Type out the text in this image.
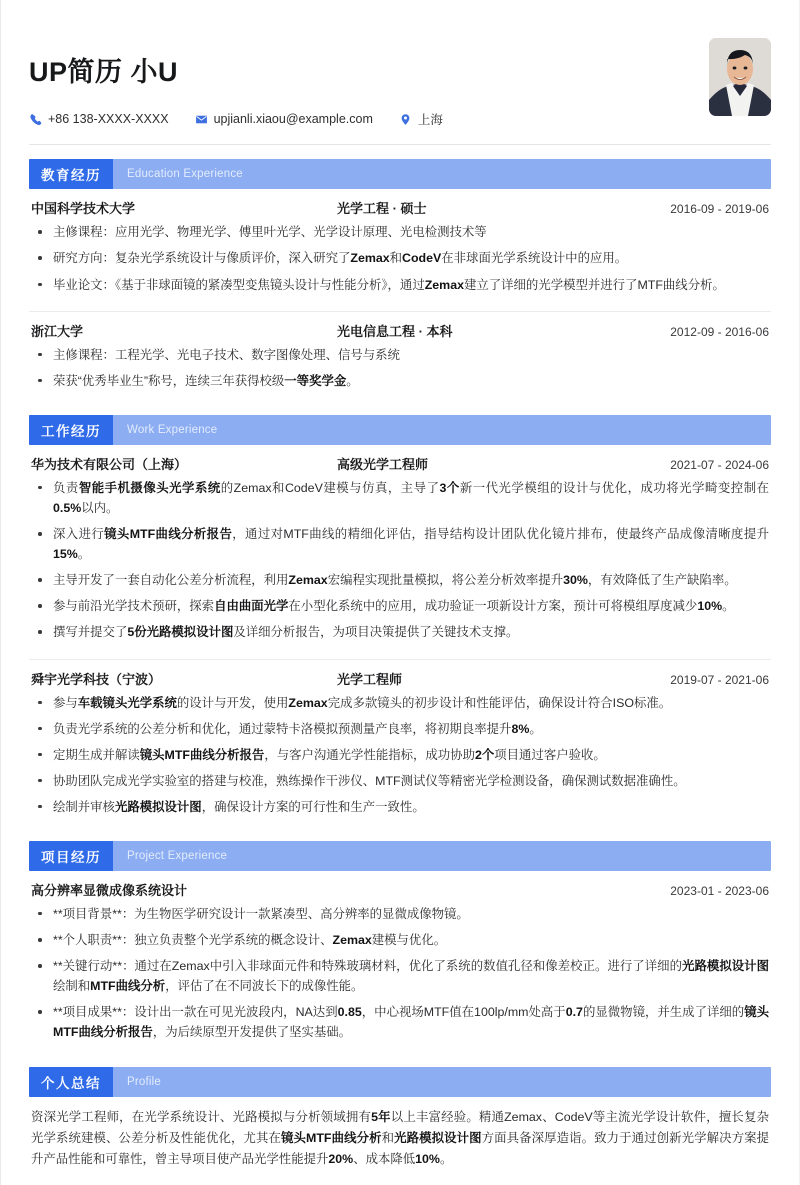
UP简历 小U
+86 138-XXXX-XXXX	upjianli.xiaou@example.com	上海
教育经历	Education Experience
中国科学技术大学	光学工程 · 硕士	2016-09 - 2019-06
主修课程：应用光学、物理光学、傅里叶光学、光学设计原理、光电检测技术等
研究方向：复杂光学系统设计与像质评价，深入研究了Zemax和CodeV在非球面光学系统设计中的应用。
毕业论文：《基于非球面镜的紧凑型变焦镜头设计与性能分析》，通过Zemax建立了详细的光学模型并进行了MTF曲线分析。
浙江大学	光电信息工程 · 本科	2012-09 - 2016-06
主修课程：工程光学、光电子技术、数字图像处理、信号与系统
荣获“优秀毕业生”称号，连续三年获得校级一等奖学金。
工作经历	Work Experience
华为技术有限公司（上海）	高级光学工程师	2021-07 - 2024-06
负责智能手机摄像头光学系统的Zemax和CodeV建模与仿真，主导了3个新一代光学模组的设计与优化，成功将光学畸变控制在0.5%以内。
深入进行镜头MTF曲线分析报告，通过对MTF曲线的精细化评估，指导结构设计团队优化镜片排布，使最终产品成像清晰度提升15%。
主导开发了一套自动化公差分析流程，利用Zemax宏编程实现批量模拟，将公差分析效率提升30%，有效降低了生产缺陷率。
参与前沿光学技术预研，探索自由曲面光学在小型化系统中的应用，成功验证一项新设计方案，预计可将模组厚度减少10%。
撰写并提交了5份光路模拟设计图及详细分析报告，为项目决策提供了关键技术支撑。
舜宇光学科技（宁波）	光学工程师	2019-07 - 2021-06
参与车载镜头光学系统的设计与开发，使用Zemax完成多款镜头的初步设计和性能评估，确保设计符合ISO标准。
负责光学系统的公差分析和优化，通过蒙特卡洛模拟预测量产良率，将初期良率提升8%。
定期生成并解读镜头MTF曲线分析报告，与客户沟通光学性能指标，成功协助2个项目通过客户验收。
协助团队完成光学实验室的搭建与校准，熟练操作干涉仪、MTF测试仪等精密光学检测设备，确保测试数据准确性。
绘制并审核光路模拟设计图，确保设计方案的可行性和生产一致性。
项目经历	Project Experience
高分辨率显微成像系统设计	2023-01 - 2023-06
**项目背景**：为生物医学研究设计一款紧凑型、高分辨率的显微成像物镜。
**个人职责**：独立负责整个光学系统的概念设计、Zemax建模与优化。
**关键行动**：通过在Zemax中引入非球面元件和特殊玻璃材料，优化了系统的数值孔径和像差校正。进行了详细的光路模拟设计图绘制和MTF曲线分析，评估了在不同波长下的成像性能。
**项目成果**：设计出一款在可见光波段内，NA达到0.85，中心视场MTF值在100lp/mm处高于0.7的显微物镜，并生成了详细的镜头MTF曲线分析报告，为后续原型开发提供了坚实基础。
个人总结	Profile
资深光学工程师，在光学系统设计、光路模拟与分析领域拥有5年以上丰富经验。精通Zemax、CodeV等主流光学设计软件，擅长复杂光学系统建模、公差分析及性能优化，尤其在镜头MTF曲线分析和光路模拟设计图方面具备深厚造诣。致力于通过创新光学解决方案提升产品性能和可靠性，曾主导项目使产品光学性能提升20%、成本降低10%。
